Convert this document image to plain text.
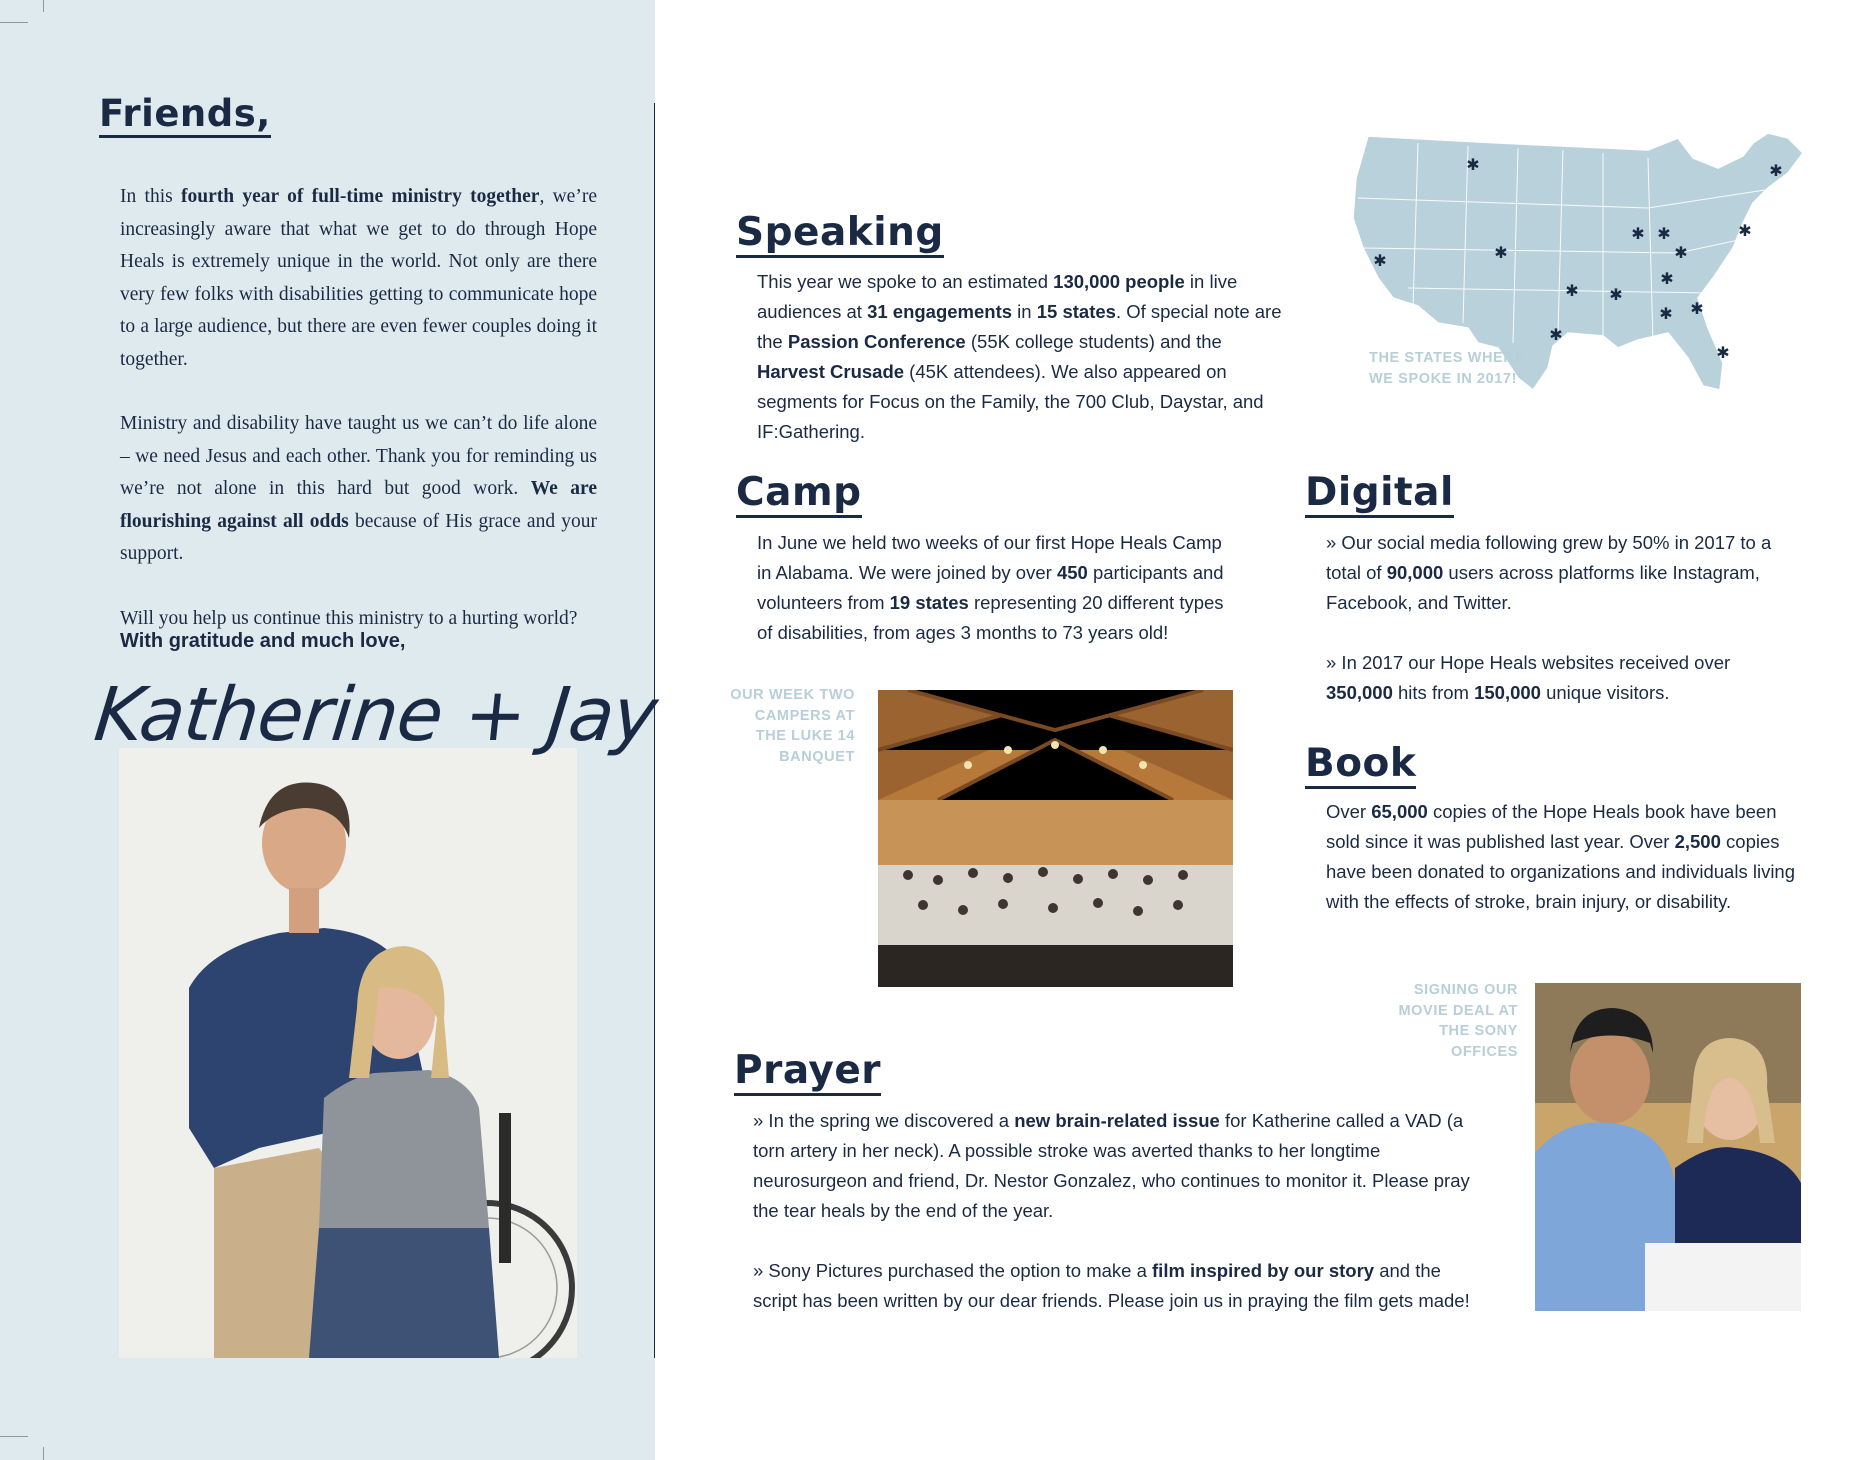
Friends,

In this fourth year of full-time ministry together, we’re increasingly aware that what we get to do through Hope Heals is extremely unique in the world. Not only are there very few folks with disabilities getting to communicate hope to a large audience, but there are even fewer couples doing it together.

Ministry and disability have taught us we can’t do life alone – we need Jesus and each other. Thank you for reminding us we’re not alone in this hard but good work. We are flourishing against all odds because of His grace and your support.

Will you help us continue this ministry to a hurting world?

With gratitude and much love,
Katherine + Jay
Speaking
This year we spoke to an estimated 130,000 people in live audiences at 31 engagements in 15 states. Of special note are the Passion Conference (55K college students) and the Harvest Crusade (45K attendees). We also appeared on segments for Focus on the Family, the 700 Club, Daystar, and IF:Gathering.
✱
✱	✱
✱ ✱
✱
✱ ✱
✱
✱
✱ ✱
✱
✱
✱
THE STATES WHERE WE SPOKE IN 2017!
Camp
In June we held two weeks of our first Hope Heals Camp in Alabama. We were joined by over 450 participants and volunteers from 19 states representing 20 different types of disabilities, from ages 3 months to 73 years old!
OUR WEEK TWO CAMPERS AT THE LUKE 14 BANQUET
Digital

» Our social media following grew by 50% in 2017 to a total of 90,000 users across platforms like Instagram, Facebook, and Twitter.

» In 2017 our Hope Heals websites received over 350,000 hits from 150,000 unique visitors.

Book
Over 65,000 copies of the Hope Heals book have been sold since it was published last year. Over 2,500 copies have been donated to organizations and individuals living with the effects of stroke, brain injury, or disability.
SIGNING OUR MOVIE DEAL AT THE SONY OFFICES
Prayer

» In the spring we discovered a new brain-related issue for Katherine called a VAD (a torn artery in her neck). A possible stroke was averted thanks to her longtime neurosurgeon and friend, Dr. Nestor Gonzalez, who continues to monitor it. Please pray the tear heals by the end of the year.

» Sony Pictures purchased the option to make a film inspired by our story and the script has been written by our dear friends. Please join us in praying the film gets made!
